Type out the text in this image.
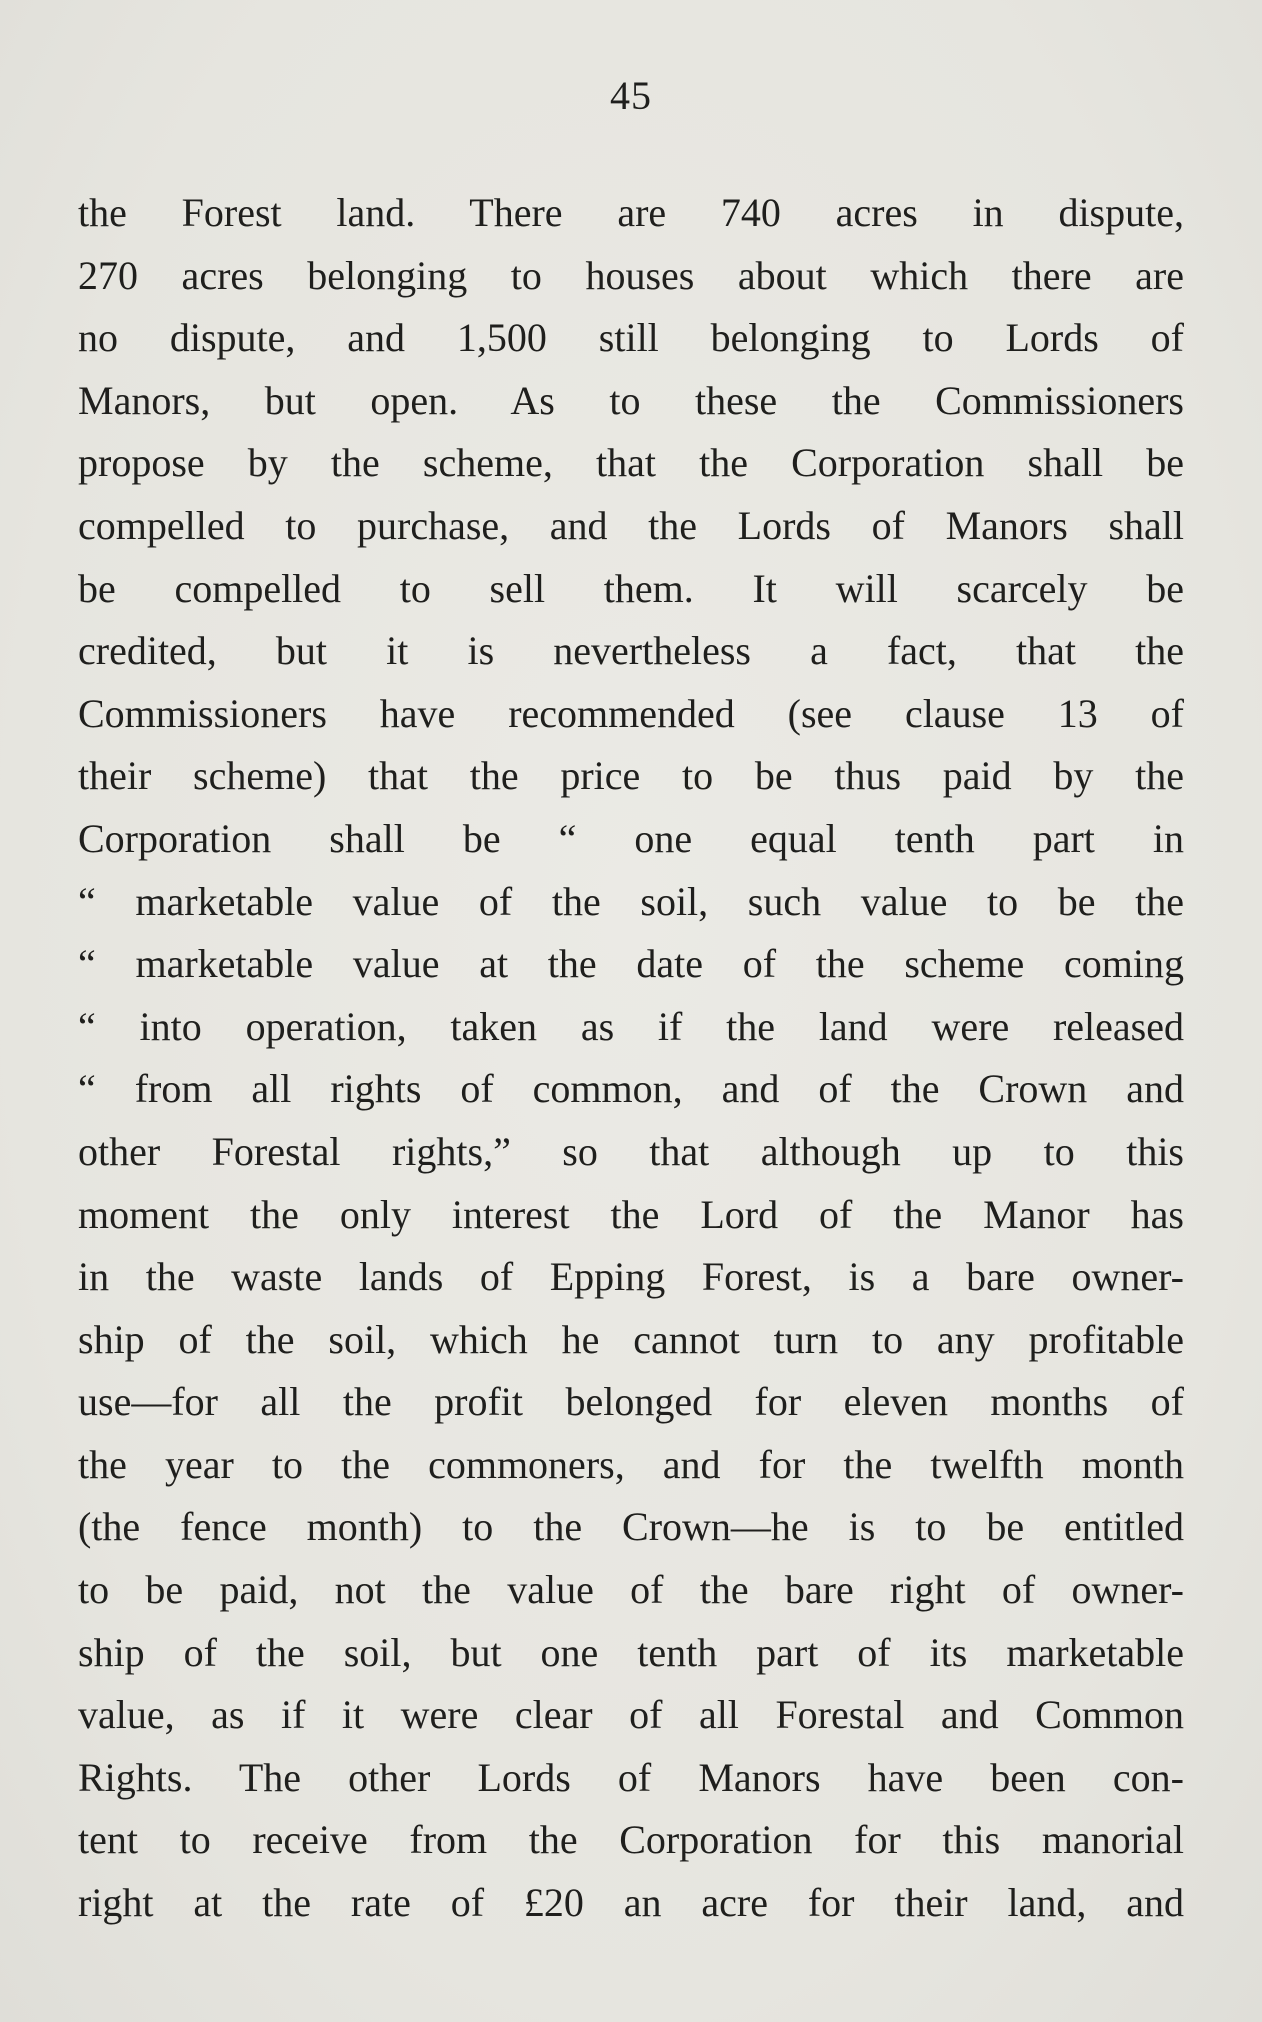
45
the Forest land. There are 740 acres in dispute,
270 acres belonging to houses about which there are
no dispute, and 1,500 still belonging to Lords of
Manors, but open. As to these the Commissioners
propose by the scheme, that the Corporation shall be
compelled to purchase, and the Lords of Manors shall
be compelled to sell them. It will scarcely be
credited, but it is nevertheless a fact, that the
Commissioners have recommended (see clause 13 of
their scheme) that the price to be thus paid by the
Corporation shall be “ one equal tenth part in
“ marketable value of the soil, such value to be the
“ marketable value at the date of the scheme coming
“ into operation, taken as if the land were released
“ from all rights of common, and of the Crown and
other Forestal rights,” so that although up to this
moment the only interest the Lord of the Manor has
in the waste lands of Epping Forest, is a bare owner-
ship of the soil, which he cannot turn to any profitable
use—for all the profit belonged for eleven months of
the year to the commoners, and for the twelfth month
(the fence month) to the Crown—he is to be entitled
to be paid, not the value of the bare right of owner-
ship of the soil, but one tenth part of its marketable
value, as if it were clear of all Forestal and Common
Rights. The other Lords of Manors have been con-
tent to receive from the Corporation for this manorial
right at the rate of £20 an acre for their land, and
